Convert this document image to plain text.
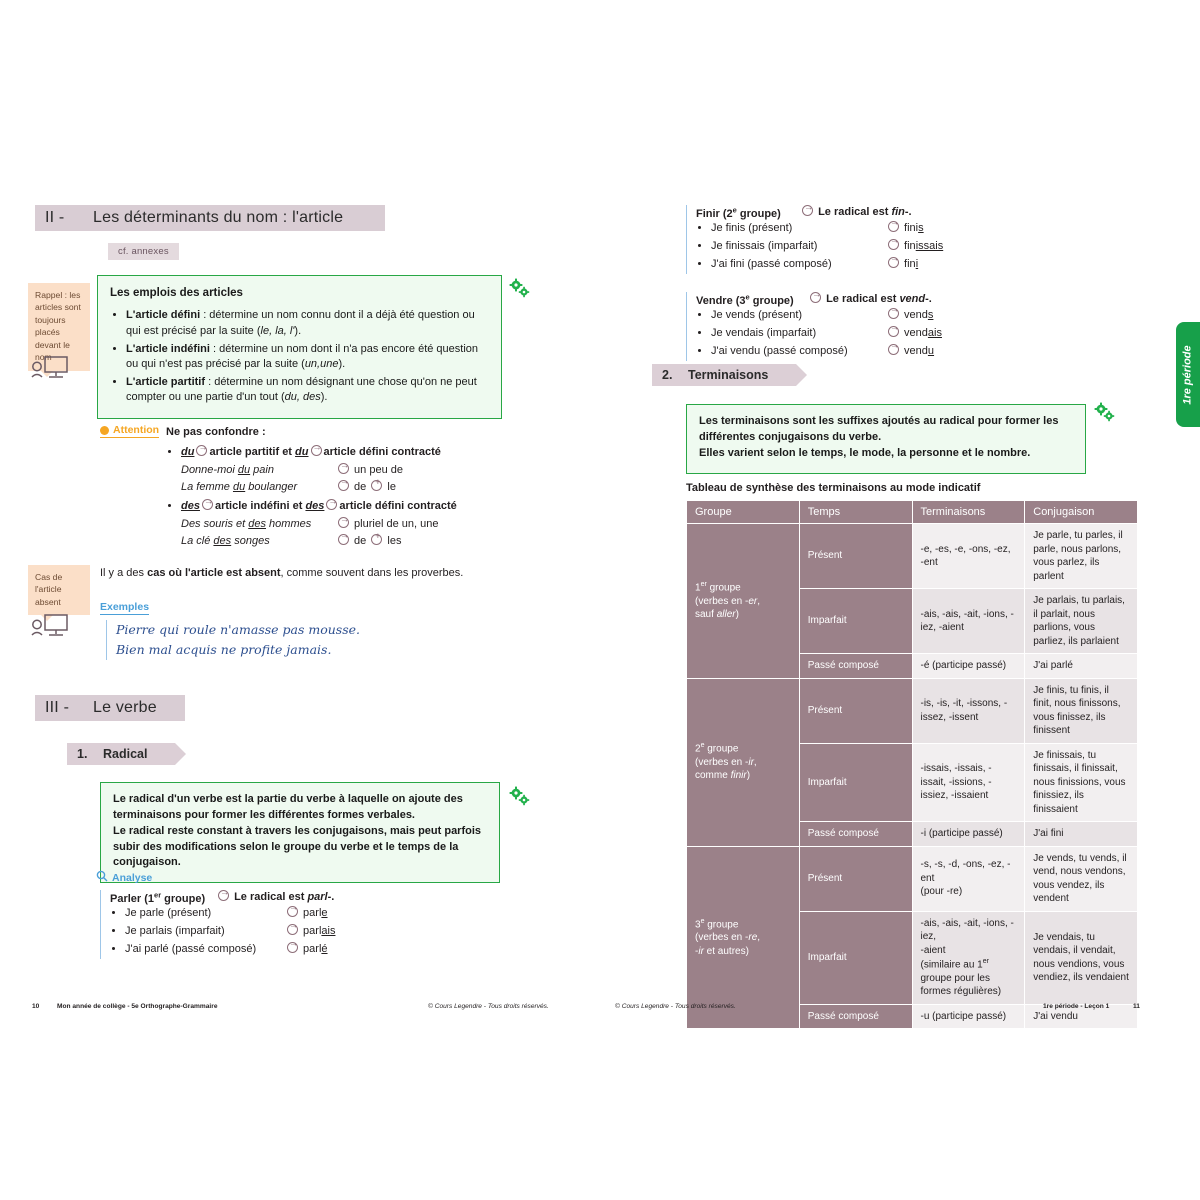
II -	Les déterminants du nom : l'article
cf. annexes
Rappel : les articles sont toujours placés devant le nom
Les emplois des articles
• L'article défini : détermine un nom connu dont il a déjà été question ou qui est précisé par la suite (le, la, l').
• L'article indéfini : détermine un nom dont il n'a pas encore été question ou qui n'est pas précisé par la suite (un,une).
• L'article partitif : détermine un nom désignant une chose qu'on ne peut compter ou une partie d'un tout (du, des).
Attention Ne pas confondre :
• du → article partitif et du → article défini contracté
Donne-moi du pain →	un peu de
La femme du boulanger →	de + le
• des → article indéfini et des → article défini contracté
Des souris et des hommes →	pluriel de un, une
La clé des songes →	de + les
Cas de l'article absent
Il y a des cas où l'article est absent, comme souvent dans les proverbes.
Exemples
Pierre qui roule n'amasse pas mousse.
Bien mal acquis ne profite jamais.
III -	Le verbe
1.	Radical

Le radical d'un verbe est la partie du verbe à laquelle on ajoute des terminaisons pour former les différentes formes verbales.

Le radical reste constant à travers les conjugaisons, mais peut parfois subir des modifications selon le groupe du verbe et le temps de la conjugaison.

Analyse
Parler (1er groupe) →	Le radical est parl-.
• Je parle (présent) →	parle
• Je parlais (imparfait) →	parlais
• J'ai parlé (passé composé) →	parlé
10	Mon année de collège - 5e Orthographe-Grammaire	© Cours Legendre - Tous droits réservés.
Finir (2e groupe) →	Le radical est fin-.
• Je finis (présent) →	finis
• Je finissais (imparfait) →	finissais
• J'ai fini (passé composé) →	fini
Vendre (3e groupe) →	Le radical est vend-.
• Je vends (présent) →	vends
• Je vendais (imparfait) →	vendais
• J'ai vendu (passé composé) →	vendu
2.	Terminaisons

Les terminaisons sont les suffixes ajoutés au radical pour former les différentes conjugaisons du verbe.

Elles varient selon le temps, le mode, la personne et le nombre.

Tableau de synthèse des terminaisons au mode indicatif
Groupe	Temps	Terminaisons	Conjugaison
1er groupe
(verbes en -er,
sauf aller)	Présent	-e, -es, -e, -ons, -ez, -ent	Je parle, tu parles, il parle, nous parlons, vous parlez, ils parlent
	Imparfait	-ais, -ais, -ait, -ions, -iez, -aient	Je parlais, tu parlais, il parlait, nous parlions, vous parliez, ils parlaient
	Passé composé	-é (participe passé)	J'ai parlé
2e groupe
(verbes en -ir,
comme finir)	Présent	-is, -is, -it, -issons, -issez, -issent	Je finis, tu finis, il finit, nous finissons, vous finissez, ils finissent
	Imparfait	-issais, -issais, -issait, -issions, -issiez, -issaient	Je finissais, tu finissais, il finissait, nous finissions, vous finissiez, ils finissaient
	Passé composé	-i (participe passé)	J'ai fini
3e groupe
(verbes en -re,
-ir et autres)	Présent	-s, -s, -d, -ons, -ez, -ent
(pour -re)	Je vends, tu vends, il vend, nous vendons, vous vendez, ils vendent
	Imparfait	-ais, -ais, -ait, -ions, -iez,
-aient
(similaire au 1er groupe pour les formes régulières)	Je vendais, tu vendais, il vendait, nous vendions, vous vendiez, ils vendaient
	Passé composé	-u (participe passé)	J'ai vendu
1re période
© Cours Legendre - Tous droits réservés.	1re période - Leçon 1	11
